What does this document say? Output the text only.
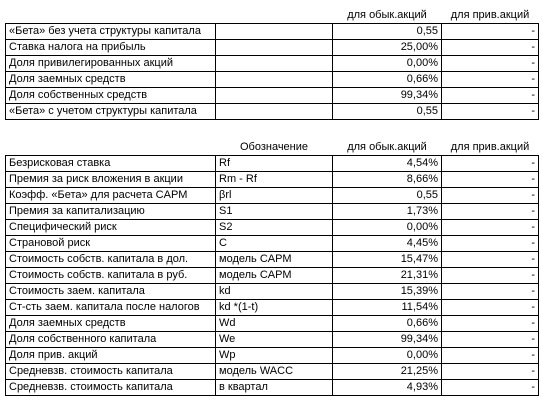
		для обык.акций	для прив.акций
«Бета» без учета структуры капитала		0,55	-
Ставка налога на прибыль		25,00%	-
Доля привилегированных акций		0,00%	-
Доля заемных средств		0,66%	-
Доля собственных средств		99,34%	-
«Бета» с учетом структуры капитала		0,55	-
	Обозначение	для обык.акций	для прив.акций
Безрисковая ставка	Rf	4,54%	-
Премия за риск вложения в акции	Rm - Rf	8,66%	-
Коэфф. «Бета» для расчета CAPM	βrl	0,55	-
Премия за капитализацию	S1	1,73%	-
Специфический риск	S2	0,00%	-
Страновой риск	C	4,45%	-
Стоимость собств. капитала в дол.	модель CAPM	15,47%	-
Стоимость собств. капитала в руб.	модель CAPM	21,31%	-
Стоимость заем. капитала	kd	15,39%	-
Ст-сть заем. капитала после налогов	kd *(1-t)	11,54%	-
Доля заемных средств	Wd	0,66%	-
Доля собственного капитала	We	99,34%	-
Доля прив. акций	Wp	0,00%	-
Средневзв. стоимость капитала	модель WACC	21,25%	-
Средневзв. стоимость капитала	в квартал	4,93%	-
